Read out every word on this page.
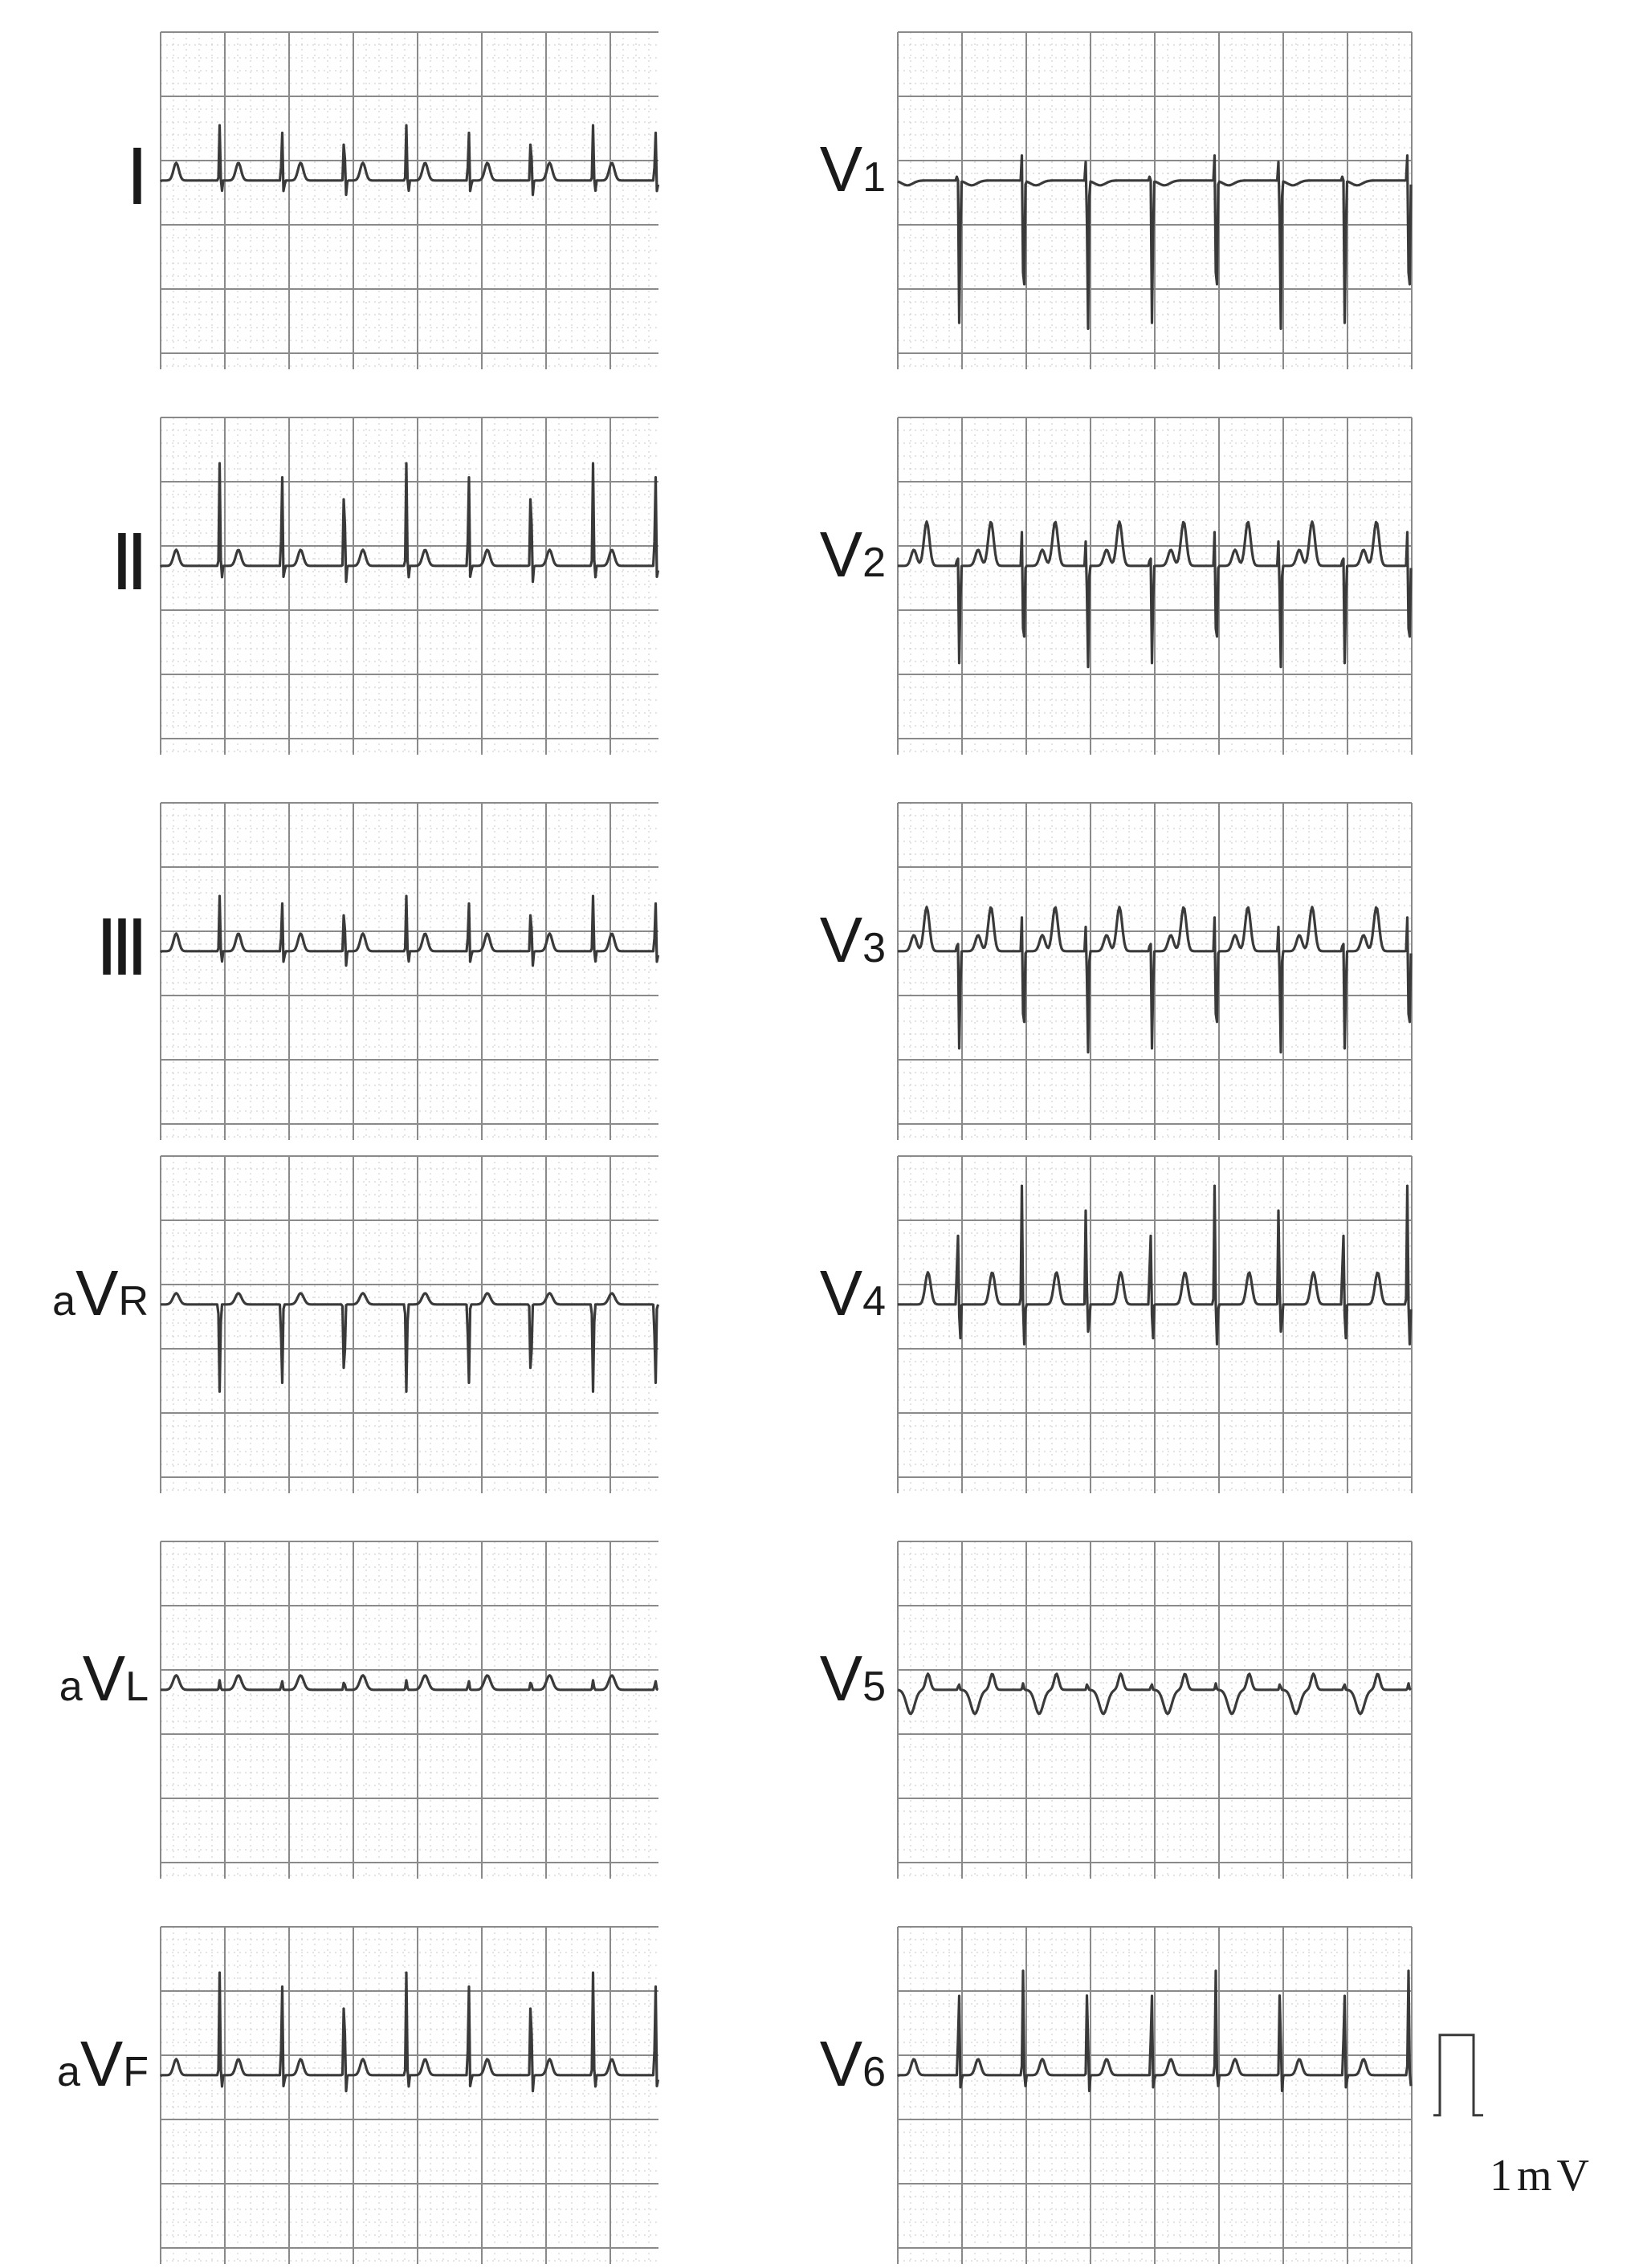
1mV
Ⅰ
Ⅱ
Ⅲ
aVR
aVL
aVF
V1
V2
V3
V4
V5
V6
